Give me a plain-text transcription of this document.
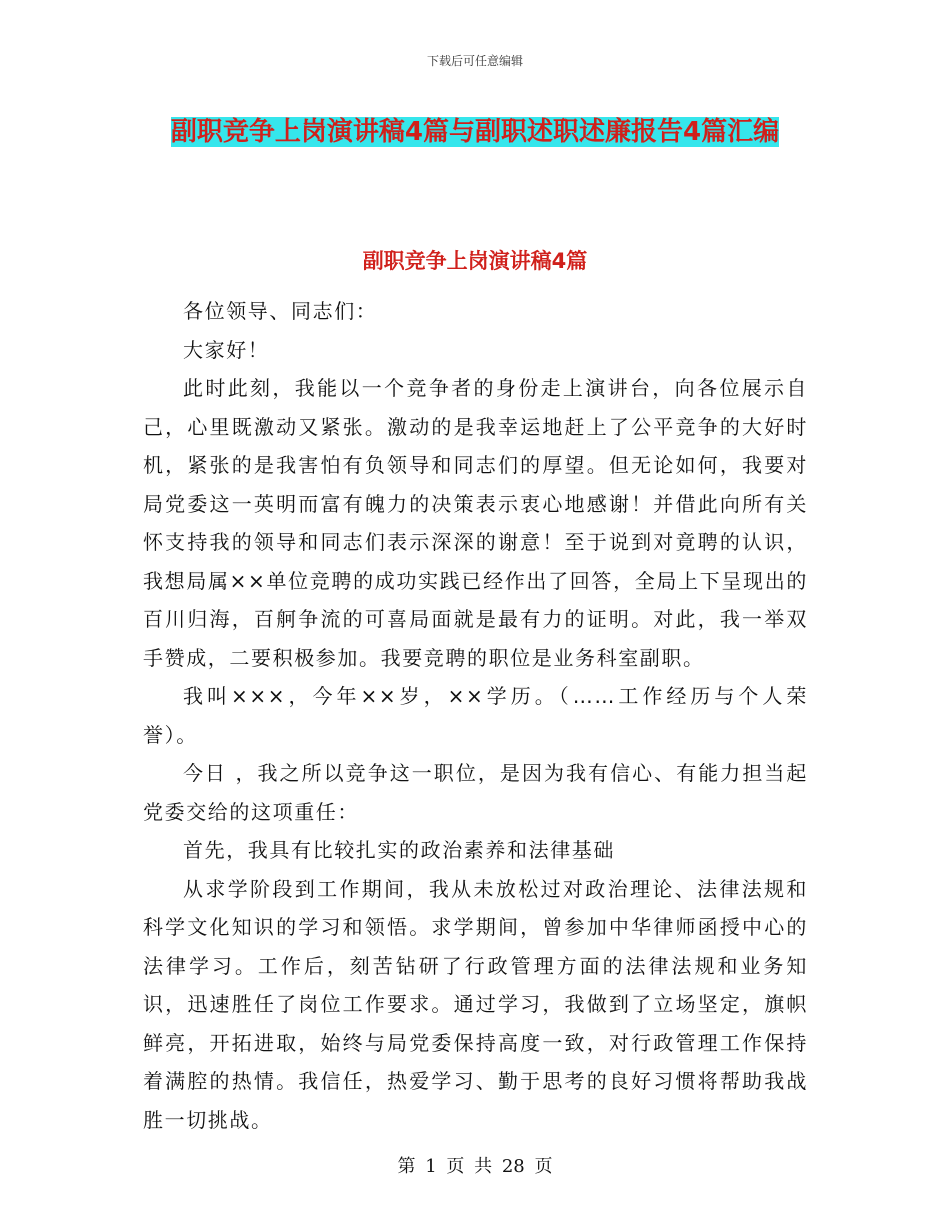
下载后可任意编辑
副职竞争上岗演讲稿4篇与副职述职述廉报告4篇汇编
副职竞争上岗演讲稿4篇

各位领导、同志们：

大家好！

此时此刻，我能以一个竞争者的身份走上演讲台，向各位展示自己，心里既激动又紧张。激动的是我幸运地赶上了公平竞争的大好时机，紧张的是我害怕有负领导和同志们的厚望。但无论如何，我要对局党委这一英明而富有魄力的决策表示衷心地感谢！并借此向所有关怀支持我的领导和同志们表示深深的谢意！至于说到对竟聘的认识，我想局属××单位竞聘的成功实践已经作出了回答，全局上下呈现出的百川归海，百舸争流的可喜局面就是最有力的证明。对此，我一举双手赞成，二要积极参加。我要竞聘的职位是业务科室副职。

我叫×××，今年××岁，××学历。（……工作经历与个人荣誉）。

今日 ，我之所以竞争这一职位，是因为我有信心、有能力担当起党委交给的这项重任：

首先，我具有比较扎实的政治素养和法律基础

从求学阶段到工作期间，我从未放松过对政治理论、法律法规和科学文化知识的学习和领悟。求学期间，曾参加中华律师函授中心的法律学习。工作后，刻苦钻研了行政管理方面的法律法规和业务知识，迅速胜任了岗位工作要求。通过学习，我做到了立场坚定，旗帜鲜亮，开拓进取，始终与局党委保持高度一致，对行政管理工作保持着满腔的热情。我信任，热爱学习、勤于思考的良好习惯将帮助我战胜一切挑战。

第 1 页 共 28 页
